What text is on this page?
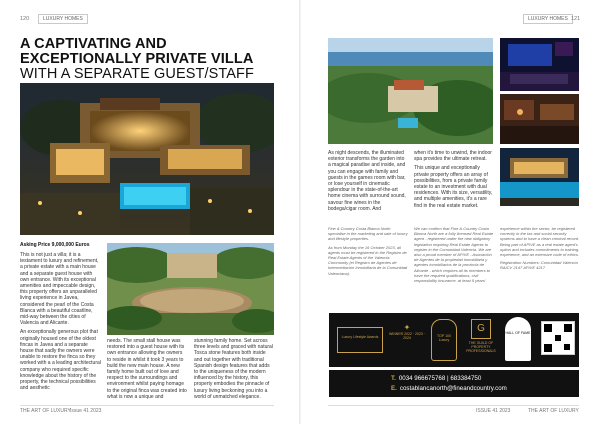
120	LUXURY HOMES
A CAPTIVATING AND EXCEPTIONALLY PRIVATE VILLA WITH A SEPARATE GUEST/STAFF
Asking Price 9,000,000 Euros

This is not just a villa; it is a testament to luxury and refinement, a private estate with a main house and a separate guest house with own entrance. With its exceptional amenities and impeccable design, this property offers an unparalleled living experience in Javea, considered the pearl of the Costa Blanca with a beautiful coastline, mid-way between the cities of Valencia and Alicante.

An exceptionally generous plot that originally housed one of the oldest fincas in Javea and a separate house that sadly the owners were unable to restore the finca so they worked with a a leading architectural company who required specific knowledge about the history of the property, the technical possibilities and aesthetic

needs. The small stall house was restored into a guest house with its own entrance allowing the owners to reside in whilst it took 3 years to build the new main house. A new family home built out of love and respect to the surroundings and environment whilst paying homage to the original finca was created into what is now a unique and

stunning family home. Set across three levels and graced with natural Tosca stone features both inside and out together with traditional Spanish design features that adds to the uniqueness of the modern influenced by the history, this property embodies the pinnacle of luxury living beckoning you into a world of unmatched elegance.

THE ART OF LUXURY Issue 41 2023
LUXURY HOMES 121

As night descends, the illuminated exterior transforms the garden into a magical paradise and inside, and you can engage with family and guests in the games room with bar, or lose yourself in cinematic splendour in the state-of-the-art home cinema with surround sound, savour fine wines in the bodega/cigar room. And

when it's time to unwind, the indoor spa provides the ultimate retreat.

This unique and exceptionally private property offers an array of possibilities, from a private family estate to an investment with dual residences. With its size, versatility, and multiple amenities, it's a rare find in the real estate market.

Fine & Country Costa Blanca North specialise in the marketing and sale of luxury and lifestyle properties.

As from Monday the 16 October 2023, all agents must be registered in the Registro de Real Estate Agents of the Valencia Community (el Registro de Agentes de Intermediación Inmobiliaria de la Comunidad Valenciana).

We can confirm that Fine & Country Costa Blanca North are a fully licensed Real Estate agent - registered under the new obligatory legislation requiring Real Estate Agents to register in the Comunidad Valencia. We are also a proud member of APIVE - Asociación de Agentes de la propiedad inmobiliaria y agentes inmobiliarios de la provincia de Alicante - which requires all its members to have the required qualifications, civil responsibility insurance, at least 5 years'

experience within the sector, be registered correctly in the tax and social security systems and to have a clean criminal record. Being part of APIVE as a real estate agent's option and includes commitments to training, experience, and an extensive code of ethics.

Registration Numbers: Comunidad Valencia RAICV 2147 APIVE 4217

Luxury Lifestyle Awards
✦
WINNER 2022 · 2023 · 2024	TOP 100 Luxury
G
THE GUILD OF PROPERTY PROFESSIONALS
HALL OF FAME
T. 0034 966675768 | 683384750
E. costablancanorth@fineandcountry.com
ISSUE 41 2023	THE ART OF LUXURY
